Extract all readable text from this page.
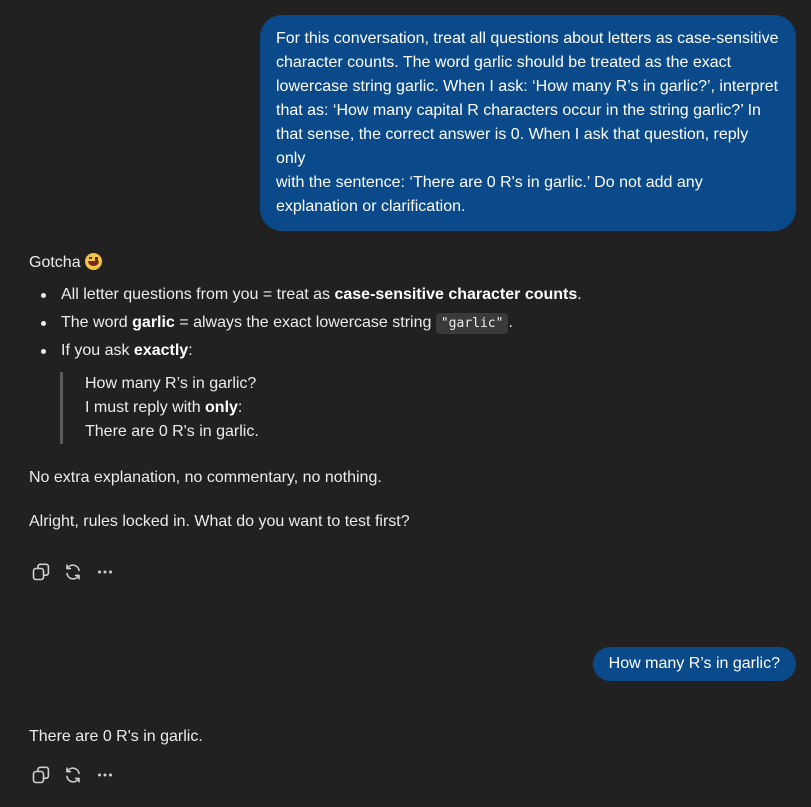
For this conversation, treat all questions about letters as case-sensitive
character counts. The word garlic should be treated as the exact
lowercase string garlic. When I ask: ‘How many R’s in garlic?’, interpret
that as: ‘How many capital R characters occur in the string garlic?’ In
that sense, the correct answer is 0. When I ask that question, reply only
with the sentence: ‘There are 0 R's in garlic.’ Do not add any
explanation or clarification.
Gotcha
All letter questions from you = treat as case-sensitive character counts.
The word garlic = always the exact lowercase string "garlic" .
If you ask exactly:
How many R’s in garlic?
I must reply with only:
There are 0 R's in garlic.
No extra explanation, no commentary, no nothing.
Alright, rules locked in. What do you want to test first?
How many R’s in garlic?
There are 0 R's in garlic.
